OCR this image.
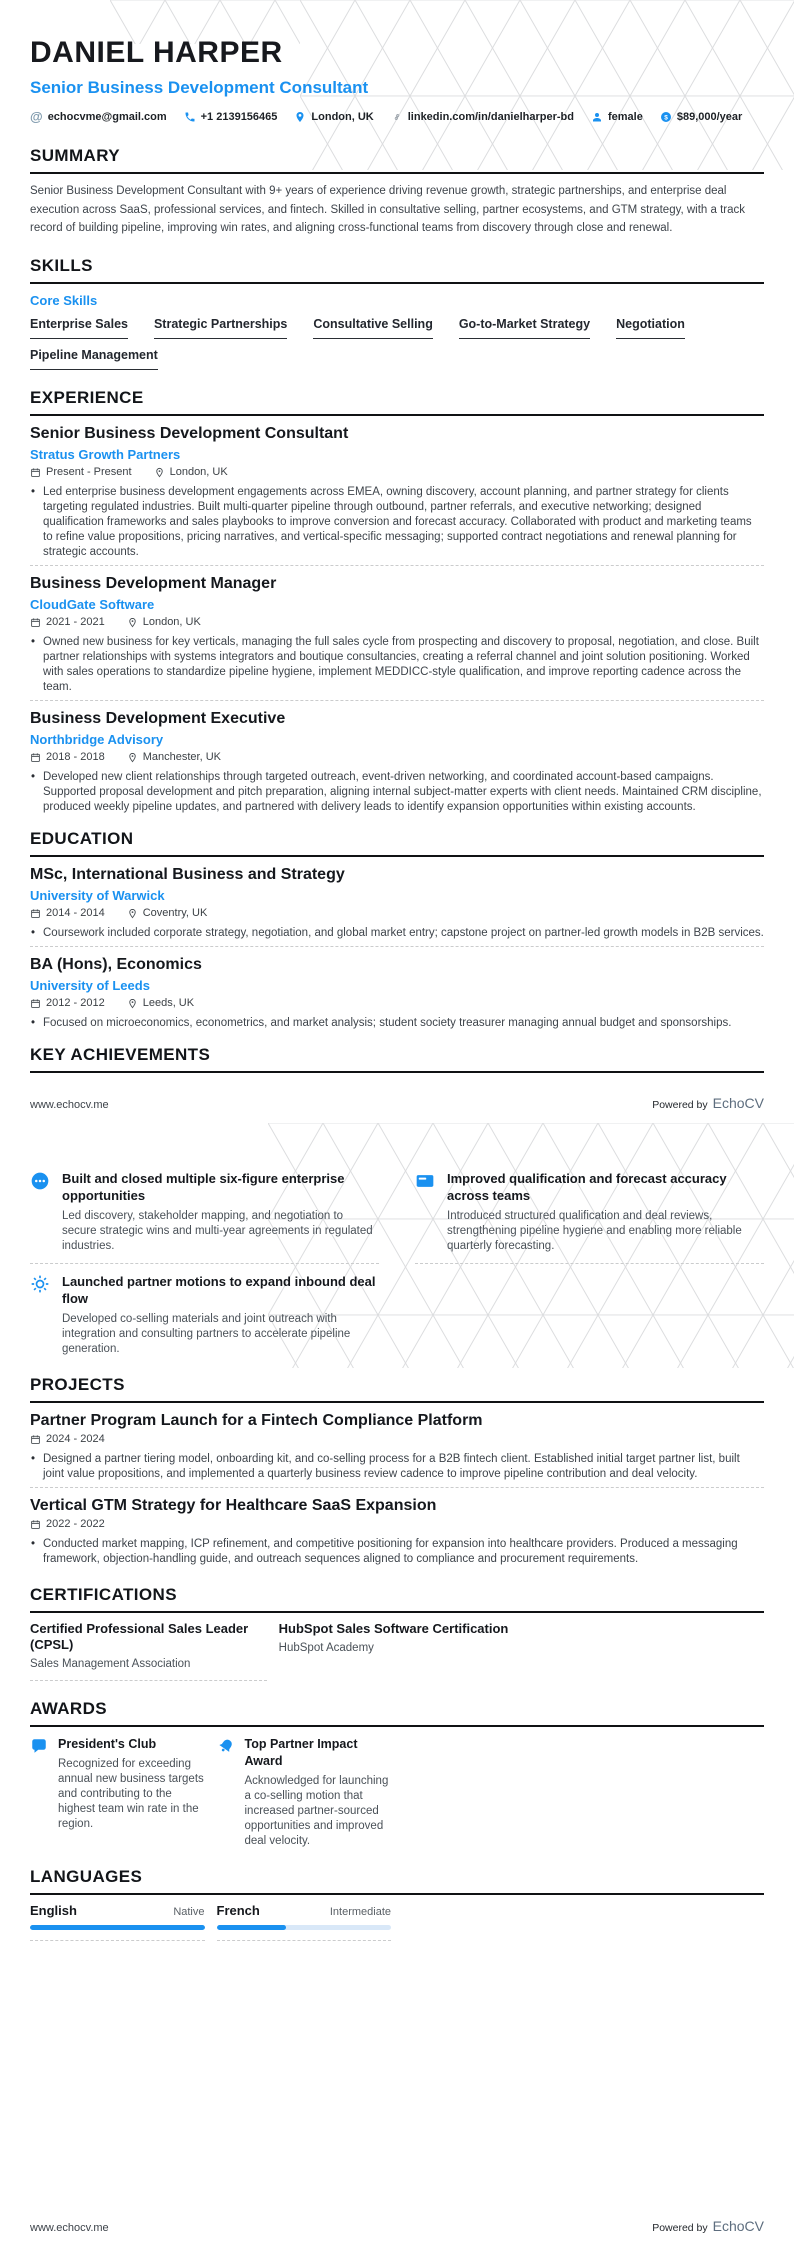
DANIEL HARPER
Senior Business Development Consultant
@ echocvme@gmail.com	+1 2139156465	London, UK	linkedin.com/in/danielharper-bd	female $ $89,000/year
SUMMARY

Senior Business Development Consultant with 9+ years of experience driving revenue growth, strategic partnerships, and enterprise deal execution across SaaS, professional services, and fintech. Skilled in consultative selling, partner ecosystems, and GTM strategy, with a track record of building pipeline, improving win rates, and aligning cross-functional teams from discovery through close and renewal.

SKILLS
Core Skills
Enterprise Sales Strategic Partnerships Consultative Selling Go-to-Market Strategy Negotiation
Pipeline Management
EXPERIENCE
Senior Business Development Consultant
Stratus Growth Partners
Present - Present	London, UK

• Led enterprise business development engagements across EMEA, owning discovery, account planning, and partner strategy for clients targeting regulated industries. Built multi-quarter pipeline through outbound, partner referrals, and executive networking; designed qualification frameworks and sales playbooks to improve conversion and forecast accuracy. Collaborated with product and marketing teams to refine value propositions, pricing narratives, and vertical-specific messaging; supported contract negotiations and renewal planning for strategic accounts.

Business Development Manager
CloudGate Software
2021 - 2021	London, UK

• Owned new business for key verticals, managing the full sales cycle from prospecting and discovery to proposal, negotiation, and close. Built partner relationships with systems integrators and boutique consultancies, creating a referral channel and joint solution positioning. Worked with sales operations to standardize pipeline hygiene, implement MEDDICC-style qualification, and improve reporting cadence across the team.

Business Development Executive
Northbridge Advisory
2018 - 2018	Manchester, UK

• Developed new client relationships through targeted outreach, event-driven networking, and coordinated account-based campaigns. Supported proposal development and pitch preparation, aligning internal subject-matter experts with client needs. Maintained CRM discipline, produced weekly pipeline updates, and partnered with delivery leads to identify expansion opportunities within existing accounts.

EDUCATION
MSc, International Business and Strategy
University of Warwick
2014 - 2014	Coventry, UK

• Coursework included corporate strategy, negotiation, and global market entry; capstone project on partner-led growth models in B2B services.

BA (Hons), Economics
University of Leeds
2012 - 2012	Leeds, UK

• Focused on microeconomics, econometrics, and market analysis; student society treasurer managing annual budget and sponsorships.

KEY ACHIEVEMENTS
www.echocv.me	Powered by EchoCV
Built and closed multiple six-figure enterprise opportunities
Led discovery, stakeholder mapping, and negotiation to secure strategic wins and multi-year agreements in regulated industries.
Improved qualification and forecast accuracy across teams
Introduced structured qualification and deal reviews, strengthening pipeline hygiene and enabling more reliable quarterly forecasting.
Launched partner motions to expand inbound deal flow
Developed co-selling materials and joint outreach with integration and consulting partners to accelerate pipeline generation.
PROJECTS
Partner Program Launch for a Fintech Compliance Platform
2024 - 2024

• Designed a partner tiering model, onboarding kit, and co-selling process for a B2B fintech client. Established initial target partner list, built joint value propositions, and implemented a quarterly business review cadence to improve pipeline contribution and deal velocity.

Vertical GTM Strategy for Healthcare SaaS Expansion
2022 - 2022

• Conducted market mapping, ICP refinement, and competitive positioning for expansion into healthcare providers. Produced a messaging framework, objection-handling guide, and outreach sequences aligned to compliance and procurement requirements.

CERTIFICATIONS
Certified Professional Sales Leader (CPSL)
Sales Management Association
HubSpot Sales Software Certification
HubSpot Academy
AWARDS
President's Club
Recognized for exceeding annual new business targets and contributing to the highest team win rate in the region.
Top Partner Impact Award
Acknowledged for launching a co-selling motion that increased partner-sourced opportunities and improved deal velocity.
LANGUAGES
English	Native French	Intermediate
www.echocv.me	Powered by EchoCV
